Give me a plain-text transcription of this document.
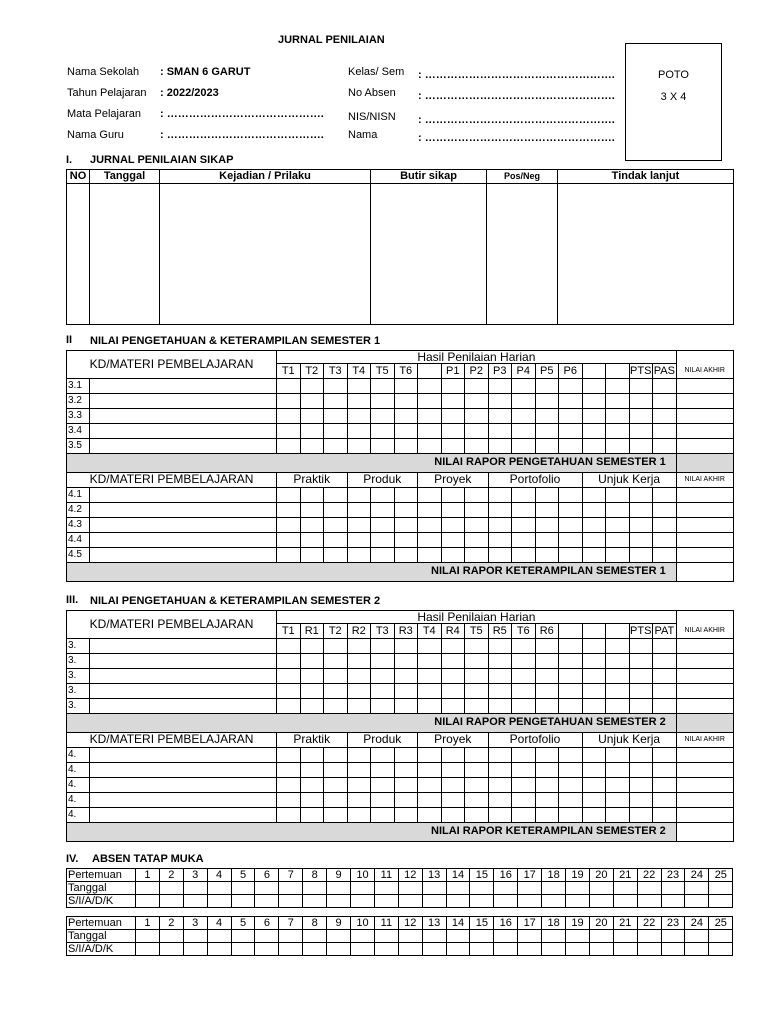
JURNAL PENILAIAN
Nama Sekolah : SMAN 6 GARUT
Tahun Pelajaran : 2022/2023
Mata Pelajaran : …………………………………….
Nama Guru	: …………………………………….
Kelas/ Sem : …………………………………………….
No Absen : …………………………………………….
NIS/NISN : …………………………………………….
Nama	: …………………………………………….
POTO
3 X 4
I. JURNAL PENILAIAN SIKAP
NO	Tanggal	Kejadian / Prilaku	Butir sikap	Pos/Neg	Tindak lanjut

II NILAI PENGETAHUAN & KETERAMPILAN SEMESTER 1
KD/MATERI PEMBELAJARAN		Hasil Penilaian Harian																	
		T1	T2	T3	T4	T5	T6		P1	P2	P3	P4	P5	P6			PTS	PAS	NILAI AKHIR
3.1																			
3.2																			
3.3																			
3.4																			
3.5																			
NILAI RAPOR PENGETAHUAN SEMESTER 1																			
KD/MATERI PEMBELAJARAN		Praktik			Produk			Proyek			Portofolio				Unjuk Kerja				NILAI AKHIR
4.1																			
4.2																			
4.3																			
4.4																			
4.5																			
NILAI RAPOR KETERAMPILAN SEMESTER 1																			
III. NILAI PENGETAHUAN & KETERAMPILAN SEMESTER 2
KD/MATERI PEMBELAJARAN		Hasil Penilaian Harian																	
		T1	R1	T2	R2	T3	R3	T4	R4	T5	R5	T6	R6				PTS	PAT	NILAI AKHIR
3.																			
3.																			
3.																			
3.																			
3.																			
NILAI RAPOR PENGETAHUAN SEMESTER 2																			
KD/MATERI PEMBELAJARAN		Praktik			Produk			Proyek			Portofolio				Unjuk Kerja				NILAI AKHIR
4.																			
4.																			
4.																			
4.																			
4.																			
NILAI RAPOR KETERAMPILAN SEMESTER 2																			
IV. ABSEN TATAP MUKA
Pertemuan	1	2	3	4	5	6	7	8	9	10	11	12	13	14	15	16	17	18	19	20	21	22	23	24	25
Tanggal																									
S/I/A/D/K																									
Pertemuan	1	2	3	4	5	6	7	8	9	10	11	12	13	14	15	16	17	18	19	20	21	22	23	24	25
Tanggal																									
S/I/A/D/K																									
